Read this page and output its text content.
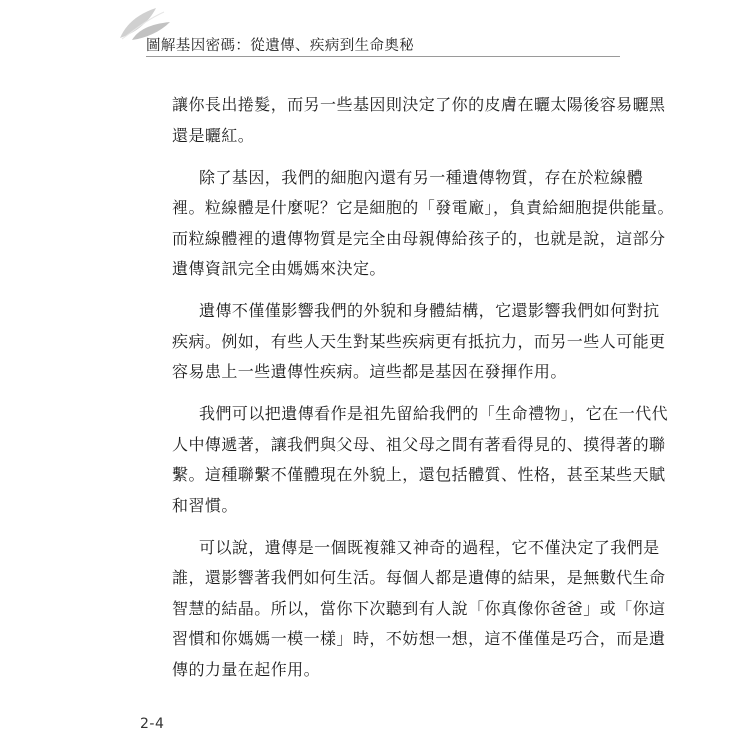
圖解基因密碼：從遺傳、疾病到生命奧秘

讓你長出捲髮，而另一些基因則決定了你的皮膚在曬太陽後容易曬黑
還是曬紅。

除了基因，我們的細胞內還有另一種遺傳物質，存在於粒線體
裡。粒線體是什麼呢？它是細胞的「發電廠」，負責給細胞提供能量。
而粒線體裡的遺傳物質是完全由母親傳給孩子的，也就是說，這部分
遺傳資訊完全由媽媽來決定。

遺傳不僅僅影響我們的外貌和身體結構，它還影響我們如何對抗
疾病。例如，有些人天生對某些疾病更有抵抗力，而另一些人可能更
容易患上一些遺傳性疾病。這些都是基因在發揮作用。

我們可以把遺傳看作是祖先留給我們的「生命禮物」，它在一代代
人中傳遞著，讓我們與父母、祖父母之間有著看得見的、摸得著的聯
繫。這種聯繫不僅體現在外貌上，還包括體質、性格，甚至某些天賦
和習慣。

可以說，遺傳是一個既複雜又神奇的過程，它不僅決定了我們是
誰，還影響著我們如何生活。每個人都是遺傳的結果，是無數代生命
智慧的結晶。所以，當你下次聽到有人說「你真像你爸爸」或「你這
習慣和你媽媽一模一樣」時，不妨想一想，這不僅僅是巧合，而是遺
傳的力量在起作用。

2-4
